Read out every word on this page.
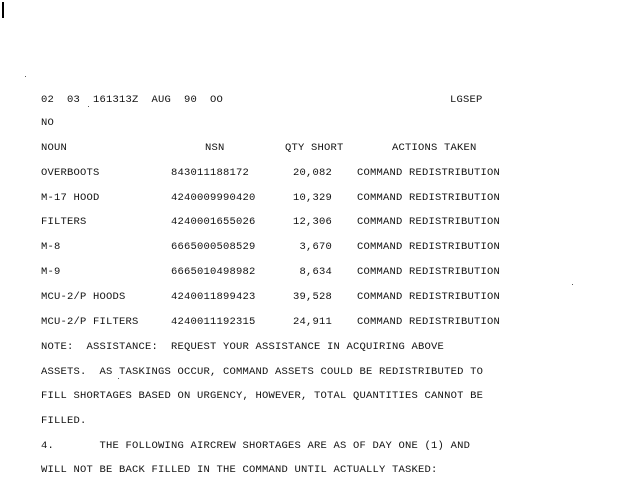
02  03  161313Z  AUG  90  OO	LGSEP
NO
NOUN	NSN	QTY SHORT	ACTIONS TAKEN
OVERBOOTS	843011188172	20,082 COMMAND REDISTRIBUTION
M-17 HOOD	4240009990420	10,329 COMMAND REDISTRIBUTION
FILTERS	4240001655026	12,306 COMMAND REDISTRIBUTION
M-8	6665000508529	3,670 COMMAND REDISTRIBUTION
M-9	6665010498982	8,634 COMMAND REDISTRIBUTION
MCU-2/P HOODS	4240011899423	39,528 COMMAND REDISTRIBUTION
MCU-2/P FILTERS	4240011192315	24,911 COMMAND REDISTRIBUTION
NOTE:  ASSISTANCE:  REQUEST YOUR ASSISTANCE IN ACQUIRING ABOVE
ASSETS.  AS TASKINGS OCCUR, COMMAND ASSETS COULD BE REDISTRIBUTED TO
FILL SHORTAGES BASED ON URGENCY, HOWEVER, TOTAL QUANTITIES CANNOT BE
FILLED.
4.       THE FOLLOWING AIRCREW SHORTAGES ARE AS OF DAY ONE (1) AND
WILL NOT BE BACK FILLED IN THE COMMAND UNTIL ACTUALLY TASKED:
